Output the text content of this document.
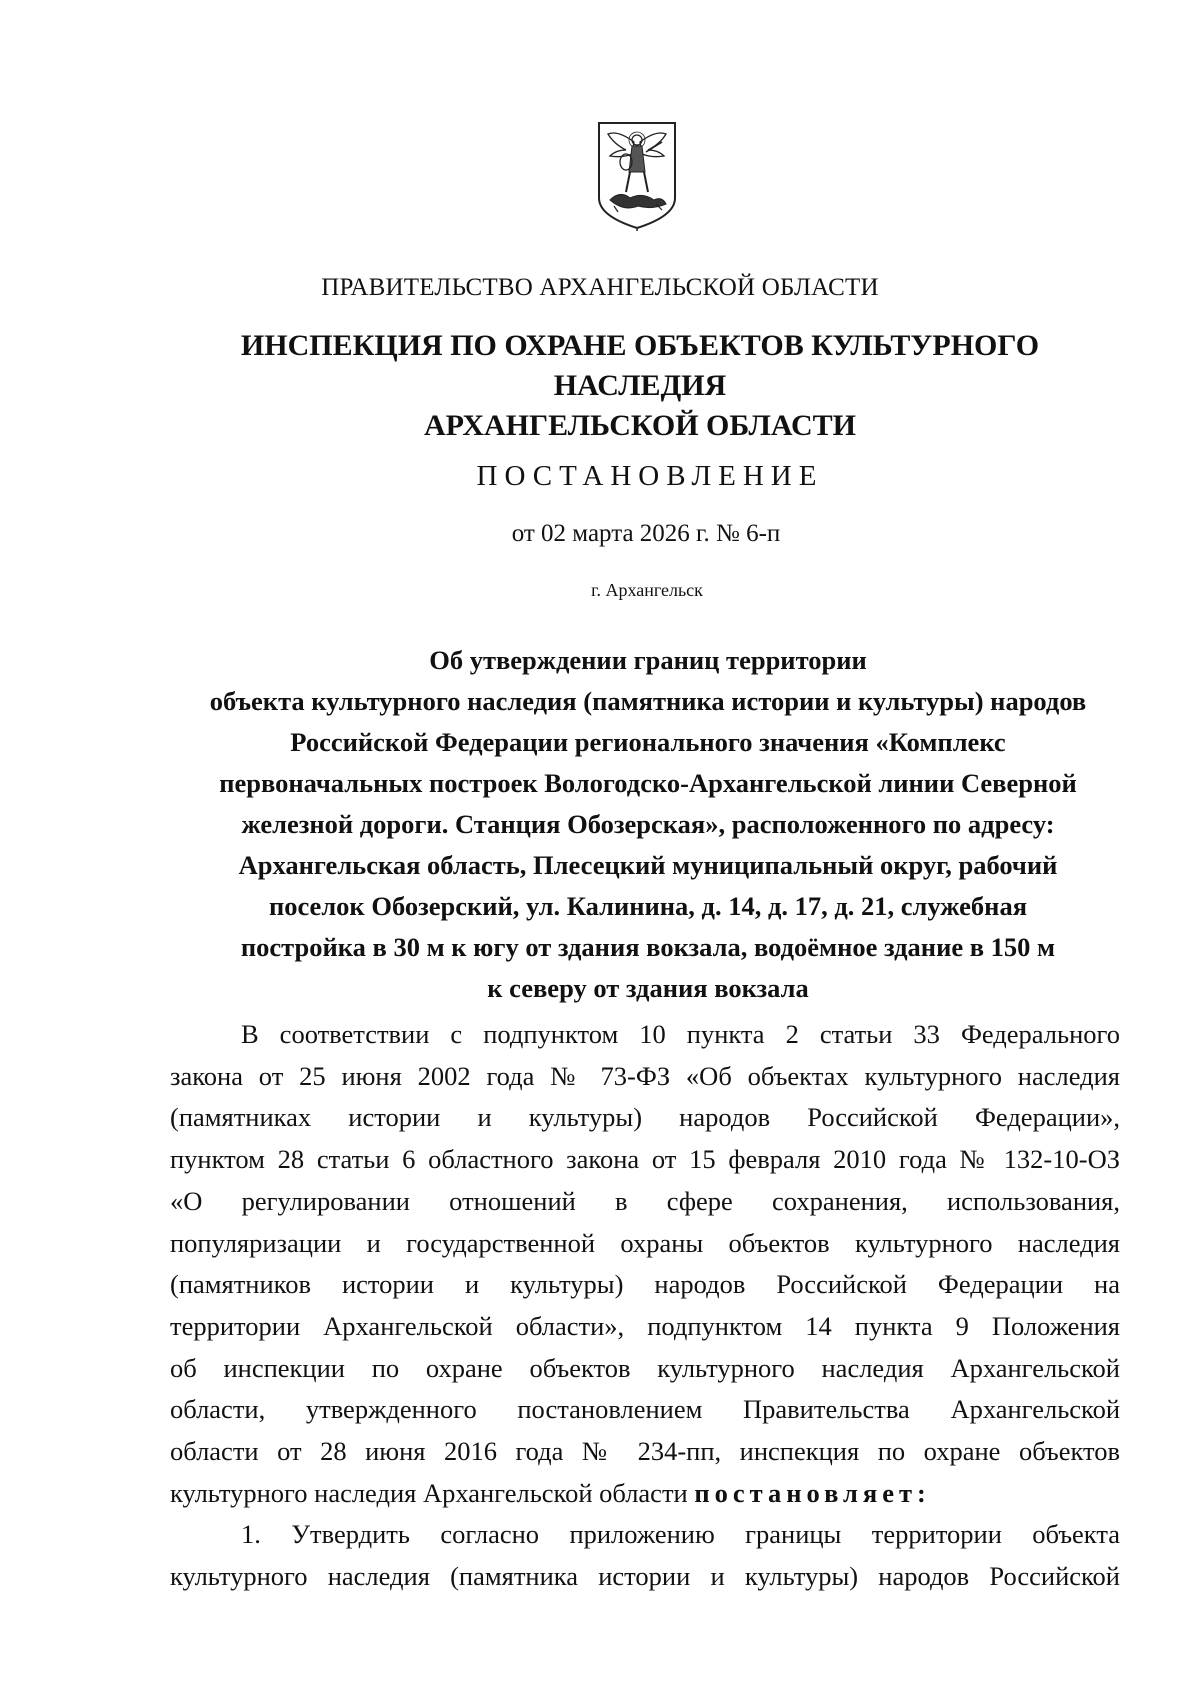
ПРАВИТЕЛЬСТВО АРХАНГЕЛЬСКОЙ ОБЛАСТИ
ИНСПЕКЦИЯ ПО ОХРАНЕ ОБЪЕКТОВ КУЛЬТУРНОГО НАСЛЕДИЯ
АРХАНГЕЛЬСКОЙ ОБЛАСТИ
ПОСТАНОВЛЕНИЕ
от 02 марта 2026 г. № 6-п
г. Архангельск
Об утверждении границ территории
объекта культурного наследия (памятника истории и культуры) народов
Российской Федерации регионального значения «Комплекс
первоначальных построек Вологодско-Архангельской линии Северной
железной дороги. Станция Обозерская», расположенного по адресу:
Архангельская область, Плесецкий муниципальный округ, рабочий
поселок Обозерский, ул. Калинина, д. 14, д. 17, д. 21, служебная
постройка в 30 м к югу от здания вокзала, водоёмное здание в 150 м
к северу от здания вокзала
В соответствии с подпунктом 10 пункта 2 статьи 33 Федерального
закона от 25 июня 2002 года № 73-ФЗ «Об объектах культурного наследия
(памятниках истории и культуры) народов Российской Федерации»,
пунктом 28 статьи 6 областного закона от 15 февраля 2010 года № 132-10-ОЗ
«О регулировании отношений в сфере сохранения, использования,
популяризации и государственной охраны объектов культурного наследия
(памятников истории и культуры) народов Российской Федерации на
территории Архангельской области», подпунктом 14 пункта 9 Положения
об инспекции по охране объектов культурного наследия Архангельской
области, утвержденного постановлением Правительства Архангельской
области от 28 июня 2016 года № 234-пп, инспекция по охране объектов
культурного наследия Архангельской области постановляет:
1. Утвердить согласно приложению границы территории объекта
культурного наследия (памятника истории и культуры) народов Российской
